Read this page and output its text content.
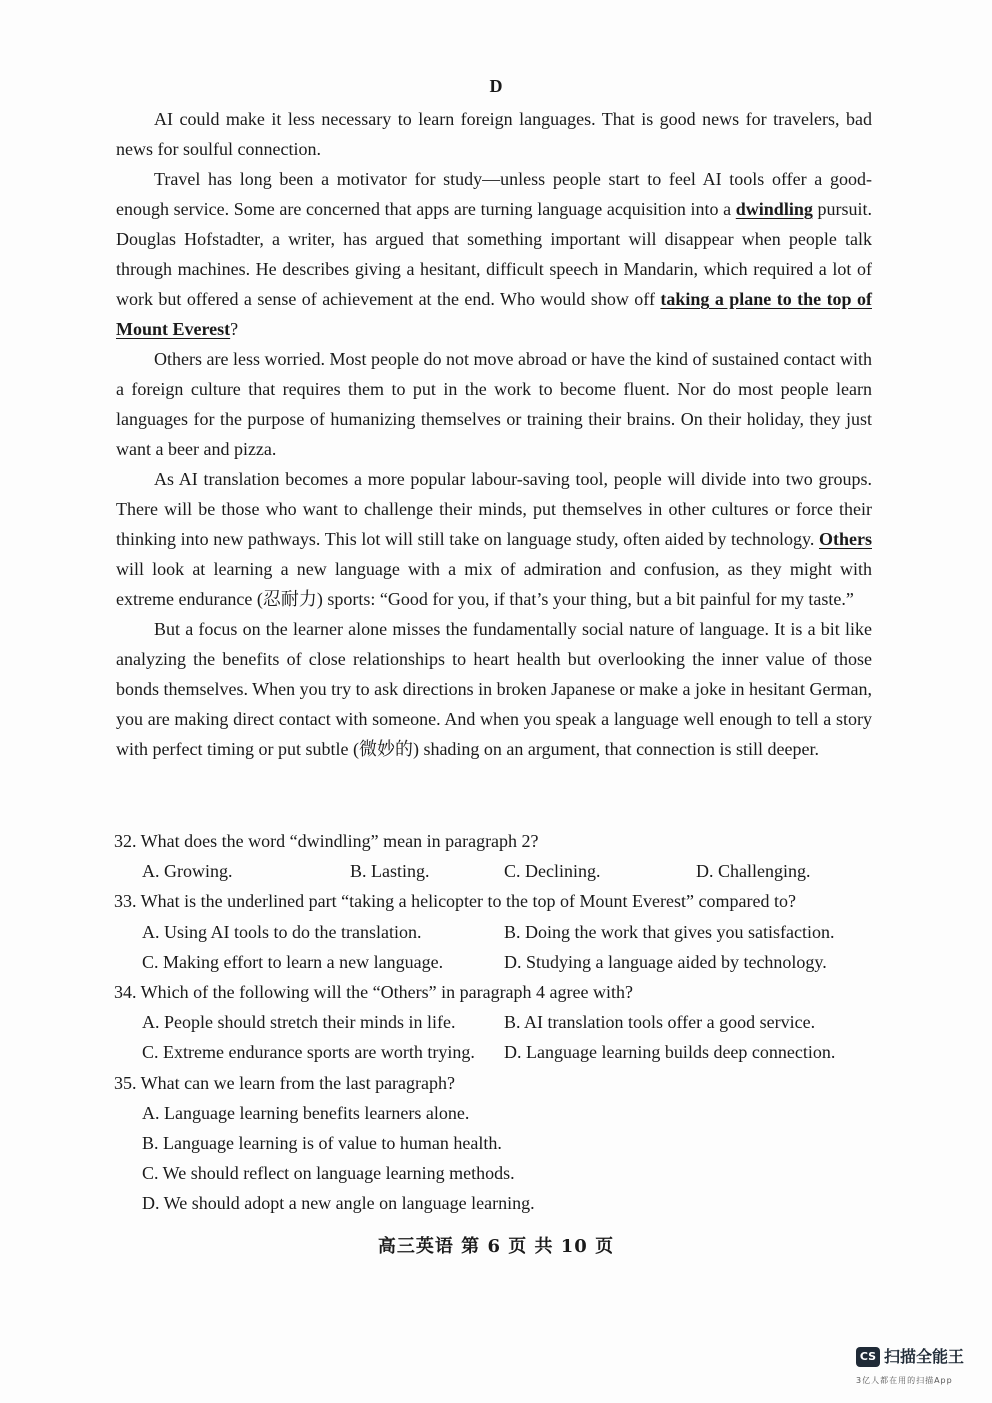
D

AI could make it less necessary to learn foreign languages. That is good news for travelers, bad news for soulful connection.

Travel has long been a motivator for study—unless people start to feel AI tools offer a good-enough service. Some are concerned that apps are turning language acquisition into a dwindling pursuit. Douglas Hofstadter, a writer, has argued that something important will disappear when people talk through machines. He describes giving a hesitant, difficult speech in Mandarin, which required a lot of work but offered a sense of achievement at the end. Who would show off taking a plane to the top of Mount Everest?

Others are less worried. Most people do not move abroad or have the kind of sustained contact with a foreign culture that requires them to put in the work to become fluent. Nor do most people learn languages for the purpose of humanizing themselves or training their brains. On their holiday, they just want a beer and pizza.

As AI translation becomes a more popular labour-saving tool, people will divide into two groups. There will be those who want to challenge their minds, put themselves in other cultures or force their thinking into new pathways. This lot will still take on language study, often aided by technology. Others will look at learning a new language with a mix of admiration and confusion, as they might with extreme endurance (忍耐力) sports: “Good for you, if that’s your thing, but a bit painful for my taste.”

But a focus on the learner alone misses the fundamentally social nature of language. It is a bit like analyzing the benefits of close relationships to heart health but overlooking the inner value of those bonds themselves. When you try to ask directions in broken Japanese or make a joke in hesitant German, you are making direct contact with someone. And when you speak a language well enough to tell a story with perfect timing or put subtle (微妙的) shading on an argument, that connection is still deeper.

32. What does the word “dwindling” mean in paragraph 2?

A. Growing.	B. Lasting.	C. Declining.	D. Challenging.

33. What is the underlined part “taking a helicopter to the top of Mount Everest” compared to?

A. Using AI tools to do the translation.	B. Doing the work that gives you satisfaction.

C. Making effort to learn a new language.	D. Studying a language aided by technology.

34. Which of the following will the “Others” in paragraph 4 agree with?

A. People should stretch their minds in life.	B. AI translation tools offer a good service.

C. Extreme endurance sports are worth trying.	D. Language learning builds deep connection.

35. What can we learn from the last paragraph?

A. Language learning benefits learners alone.

B. Language learning is of value to human health.

C. We should reflect on language learning methods.

D. We should adopt a new angle on language learning.

高三英语 第 6 页 共 10 页
CS 扫描全能王
3亿人都在用的扫描App
